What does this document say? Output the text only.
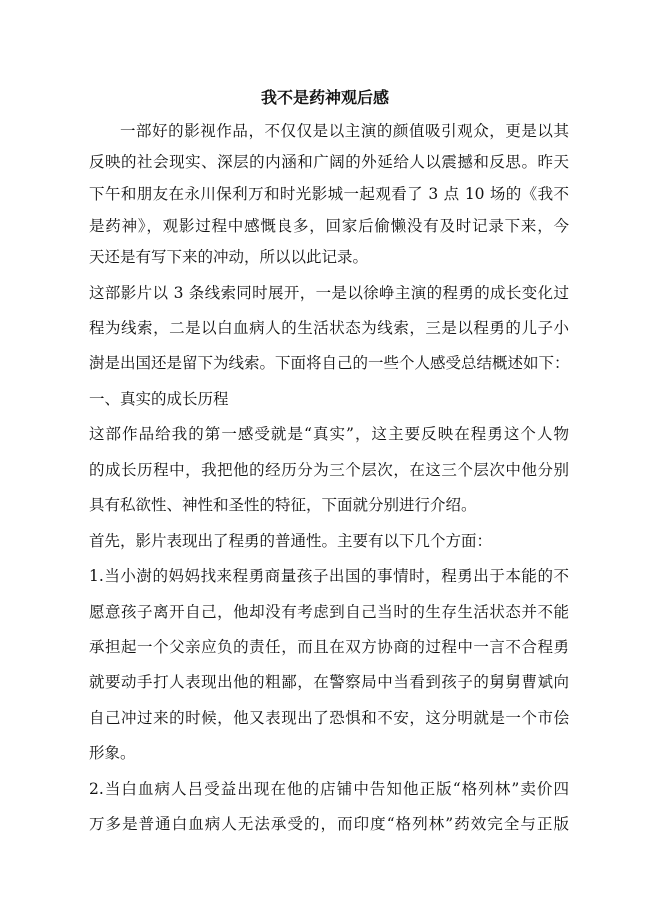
我不是药神观后感

一部好的影视作品，不仅仅是以主演的颜值吸引观众，更是以其

反映的社会现实、深层的内涵和广阔的外延给人以震撼和反思。昨天

下午和朋友在永川保利万和时光影城一起观看了 3 点 10 场的《我不

是药神》，观影过程中感慨良多，回家后偷懒没有及时记录下来，今

天还是有写下来的冲动，所以以此记录。

这部影片以 3 条线索同时展开，一是以徐峥主演的程勇的成长变化过

程为线索，二是以白血病人的生活状态为线索，三是以程勇的儿子小

澍是出国还是留下为线索。下面将自己的一些个人感受总结概述如下：

一、真实的成长历程

这部作品给我的第一感受就是“真实”，这主要反映在程勇这个人物

的成长历程中，我把他的经历分为三个层次，在这三个层次中他分别

具有私欲性、神性和圣性的特征，下面就分别进行介绍。

首先，影片表现出了程勇的普通性。主要有以下几个方面：

1.当小澍的妈妈找来程勇商量孩子出国的事情时，程勇出于本能的不

愿意孩子离开自己，他却没有考虑到自己当时的生存生活状态并不能

承担起一个父亲应负的责任，而且在双方协商的过程中一言不合程勇

就要动手打人表现出他的粗鄙，在警察局中当看到孩子的舅舅曹斌向

自己冲过来的时候，他又表现出了恐惧和不安，这分明就是一个市侩

形象。

2.当白血病人吕受益出现在他的店铺中告知他正版“格列林”卖价四

万多是普通白血病人无法承受的，而印度“格列林”药效完全与正版
